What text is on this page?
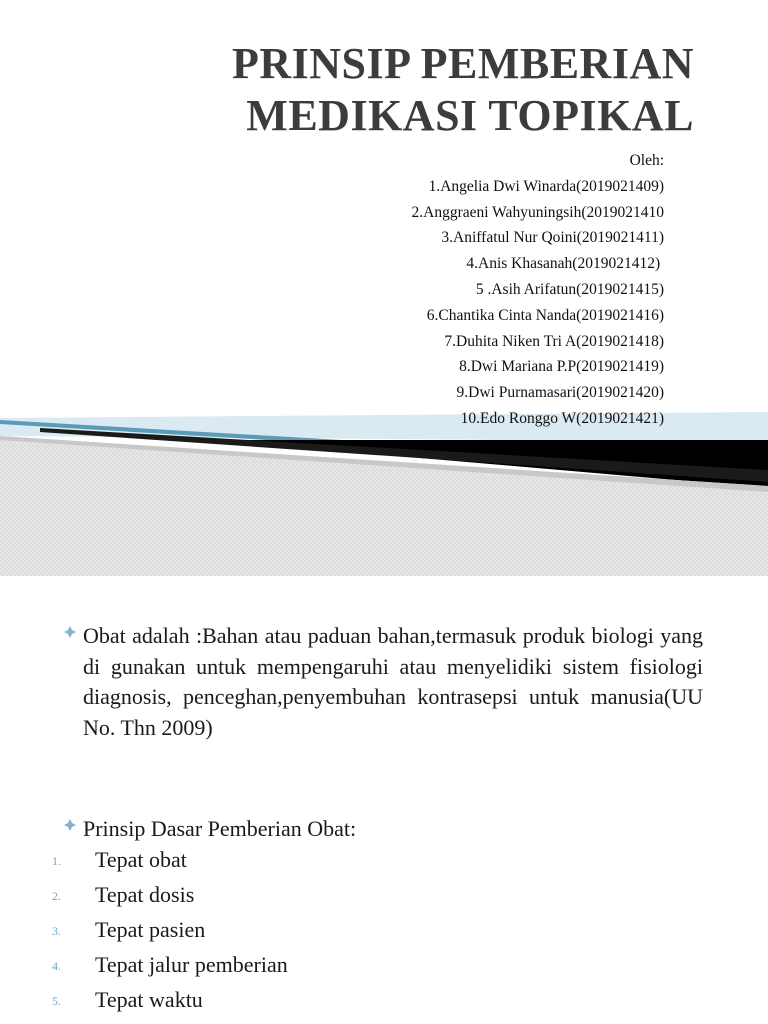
PRINSIP PEMBERIAN
MEDIKASI TOPIKAL
Oleh:
1.Angelia Dwi Winarda(2019021409)
2.Anggraeni Wahyuningsih(2019021410
3.Aniffatul Nur Qoini(2019021411)
4.Anis Khasanah(2019021412)
5 .Asih Arifatun(2019021415)
6.Chantika Cinta Nanda(2019021416)
7.Duhita Niken Tri A(2019021418)
8.Dwi Mariana P.P(2019021419)
9.Dwi Purnamasari(2019021420)
10.Edo Ronggo W(2019021421)
Obat adalah :Bahan atau paduan bahan,termasuk produk biologi yang di gunakan untuk mempengaruhi atau menyelidiki sistem fisiologi diagnosis, penceghan,penyembuhan kontrasepsi untuk manusia(UU No. Thn 2009)
Prinsip Dasar Pemberian Obat:
1. Tepat obat
2. Tepat dosis
3. Tepat pasien
4. Tepat jalur pemberian
5. Tepat waktu
